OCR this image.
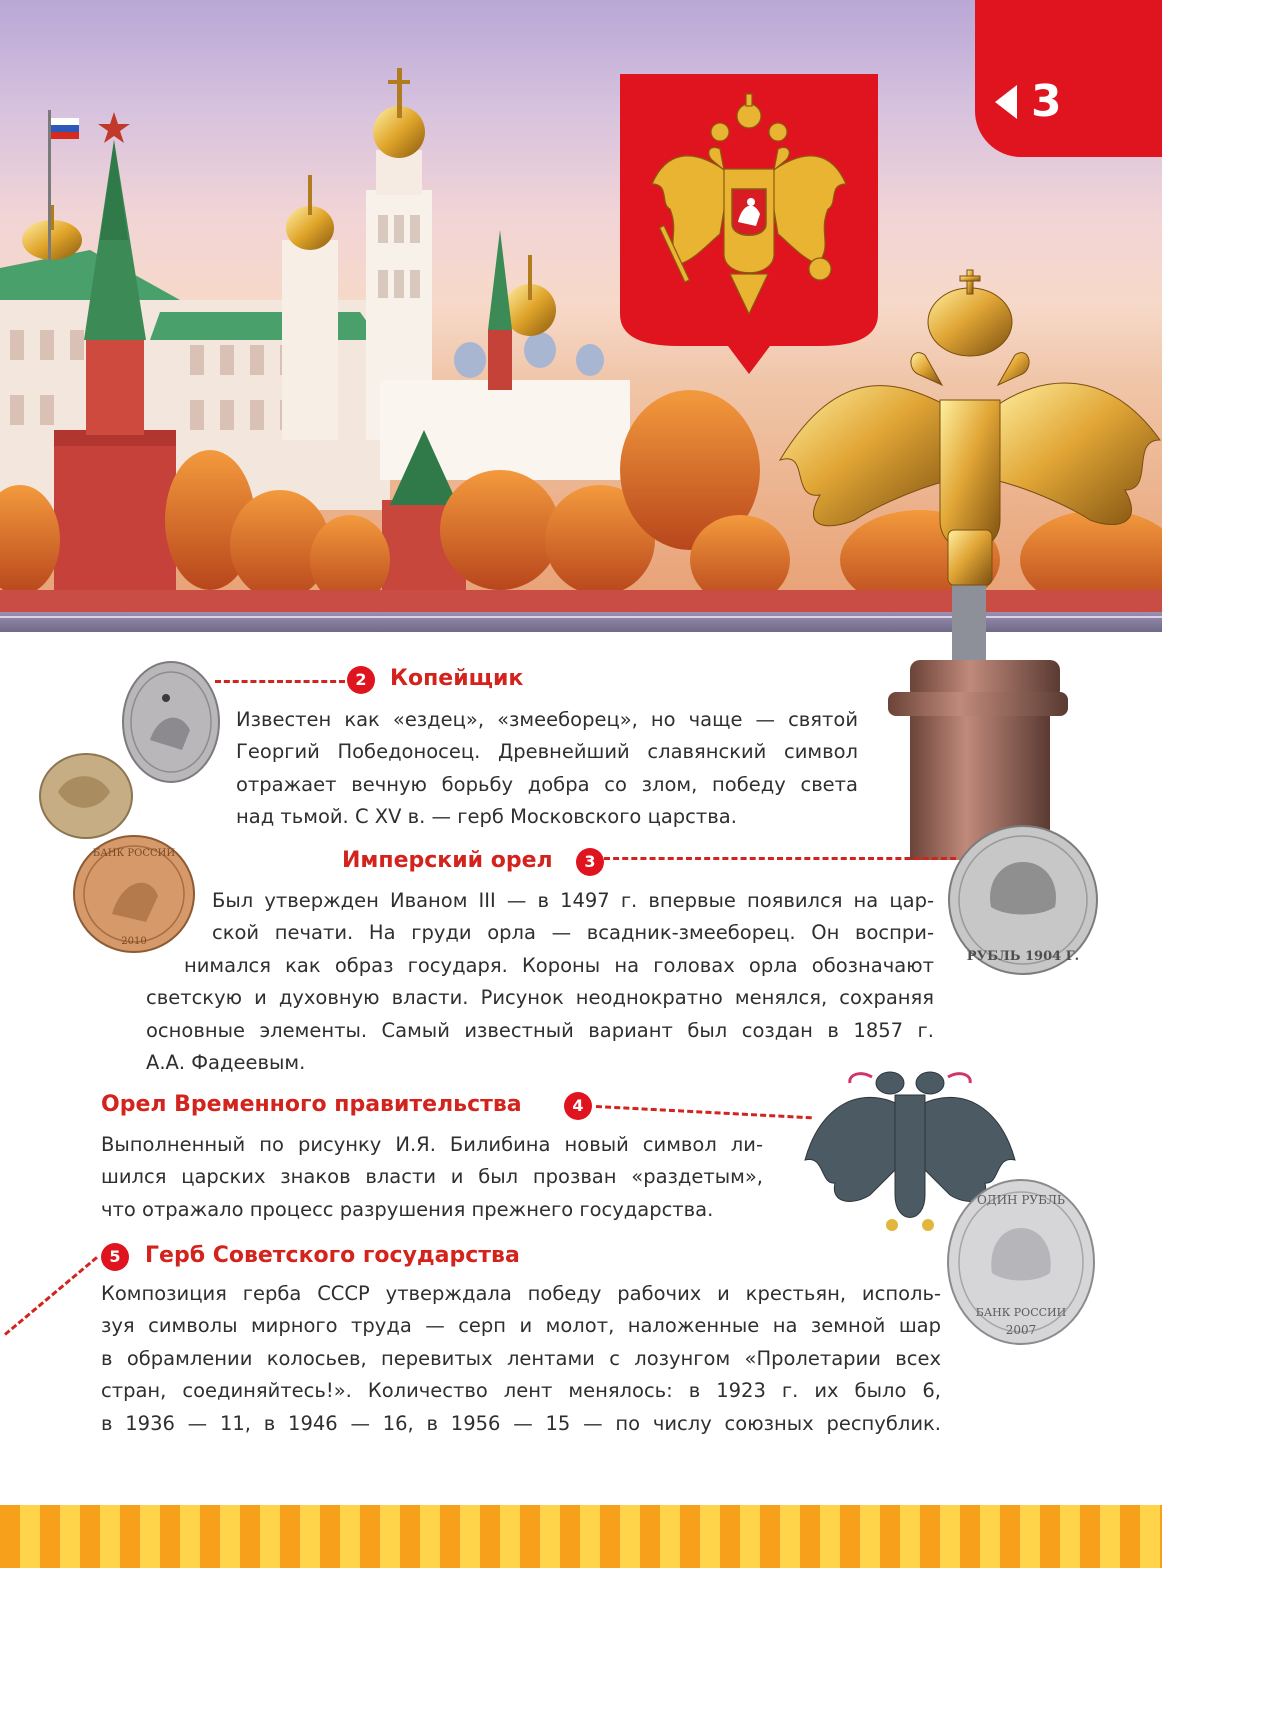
3
БАНК РОССИИ
2010
РУБЛЬ 1904 Г.
ОДИН РУБЛЬ
БАНК РОССИИ
2007
2	Копейщик
Известен как «ездец», «змееборец», но чаще — святой
Георгий Победоносец. Древнейший славянский символ
отражает вечную борьбу добра со злом, победу света
над тьмой. С XV в. — герб Московского царства.
Имперский орел	3
Был утвержден Иваном III — в 1497 г. впервые появился на цар-
ской печати. На груди орла — всадник-змееборец. Он воспри-
нимался как образ государя. Короны на головах орла обозначают
светскую и духовную власти. Рисунок неоднократно менялся, сохраняя
основные элементы. Самый известный вариант был создан в 1857 г.
А.А. Фадеевым.
Орел Временного правительства	4
Выполненный по рисунку И.Я. Билибина новый символ ли-
шился царских знаков власти и был прозван «раздетым»,
что отражало процесс разрушения прежнего государства.
5	Герб Советского государства
Композиция герба СССР утверждала победу рабочих и крестьян, исполь-
зуя символы мирного труда — серп и молот, наложенные на земной шар
в обрамлении колосьев, перевитых лентами с лозунгом «Пролетарии всех
стран, соединяйтесь!». Количество лент менялось: в 1923 г. их было 6,
в 1936 — 11, в 1946 — 16, в 1956 — 15 — по числу союзных республик.
